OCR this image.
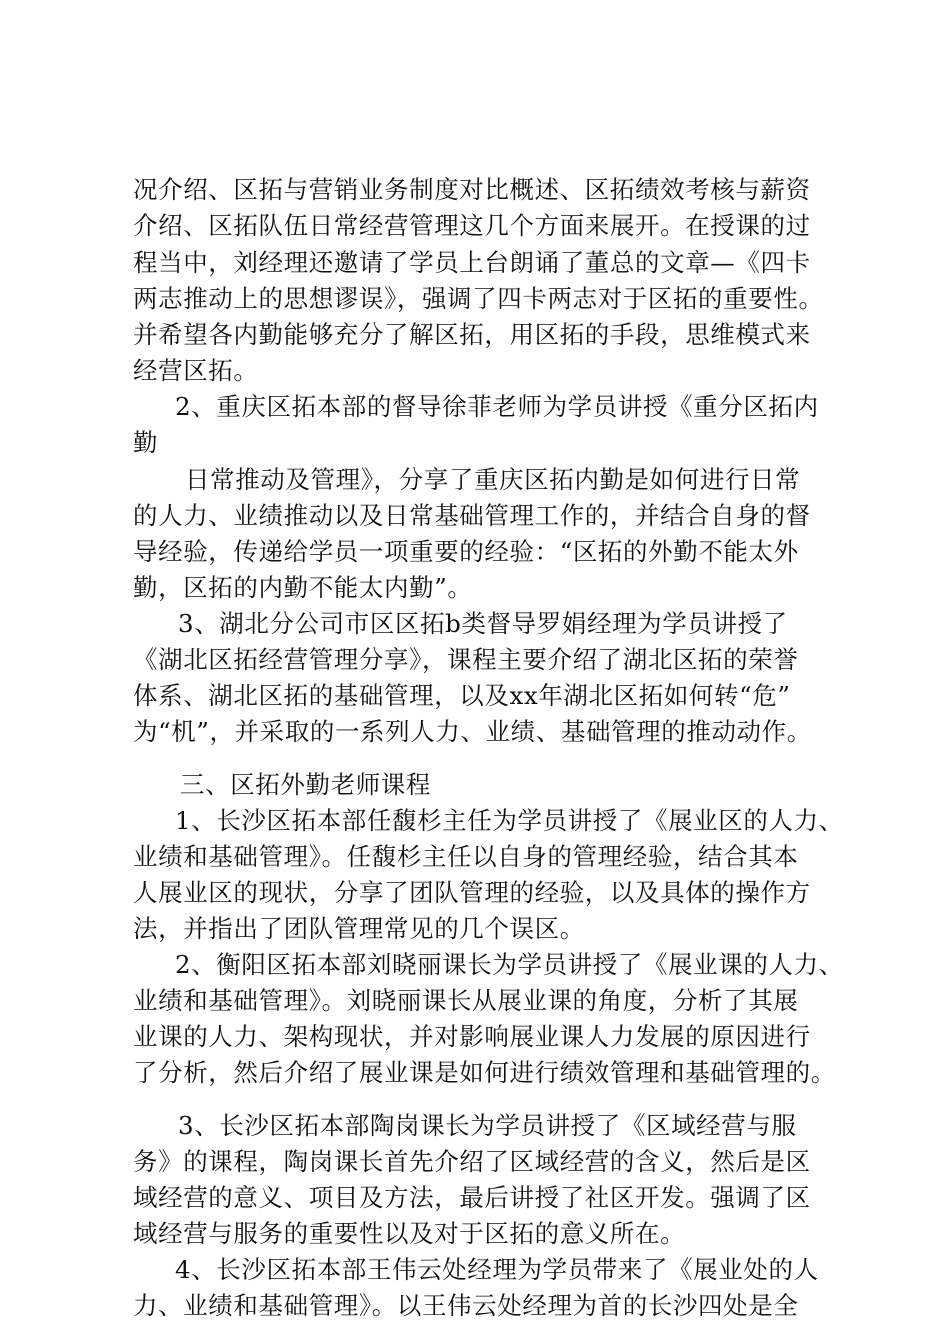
况介绍、区拓与营销业务制度对比概述、区拓绩效考核与薪资
介绍、区拓队伍日常经营管理这几个方面来展开。在授课的过
程当中，刘经理还邀请了学员上台朗诵了董总的文章—《四卡
两志推动上的思想谬误》，强调了四卡两志对于区拓的重要性。
并希望各内勤能够充分了解区拓，用区拓的手段，思维模式来
经营区拓。
2、重庆区拓本部的督导徐菲老师为学员讲授《重分区拓内
勤
日常推动及管理》，分享了重庆区拓内勤是如何进行日常
的人力、业绩推动以及日常基础管理工作的，并结合自身的督
导经验，传递给学员一项重要的经验：“区拓的外勤不能太外
勤，区拓的内勤不能太内勤”。
3、湖北分公司市区区拓b类督导罗娟经理为学员讲授了
《湖北区拓经营管理分享》，课程主要介绍了湖北区拓的荣誉
体系、湖北区拓的基础管理，以及xx年湖北区拓如何转“危”
为“机”，并采取的一系列人力、业绩、基础管理的推动动作。
三、区拓外勤老师课程
1、长沙区拓本部任馥杉主任为学员讲授了《展业区的人力、
业绩和基础管理》。任馥杉主任以自身的管理经验，结合其本
人展业区的现状，分享了团队管理的经验，以及具体的操作方
法，并指出了团队管理常见的几个误区。
2、衡阳区拓本部刘晓丽课长为学员讲授了《展业课的人力、
业绩和基础管理》。刘晓丽课长从展业课的角度，分析了其展
业课的人力、架构现状，并对影响展业课人力发展的原因进行
了分析，然后介绍了展业课是如何进行绩效管理和基础管理的。
3、长沙区拓本部陶岗课长为学员讲授了《区域经营与服
务》的课程，陶岗课长首先介绍了区域经营的含义，然后是区
域经营的意义、项目及方法，最后讲授了社区开发。强调了区
域经营与服务的重要性以及对于区拓的意义所在。
4、长沙区拓本部王伟云处经理为学员带来了《展业处的人
力、业绩和基础管理》。以王伟云处经理为首的长沙四处是全
